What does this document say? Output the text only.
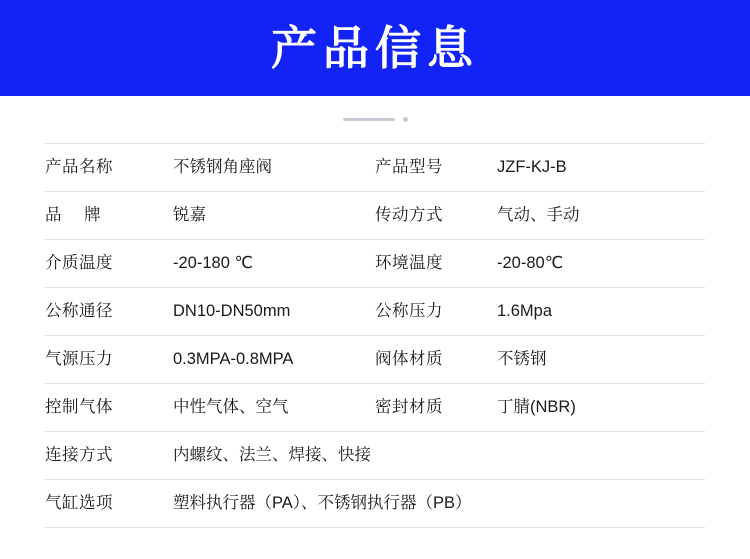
产品信息
产品名称	不锈钢角座阀	产品型号	JZF-KJ-B
品 牌	锐嘉	传动方式	气动、手动
介质温度	-20-180 ℃	环境温度	-20-80℃
公称通径	DN10-DN50mm	公称压力	1.6Mpa
气源压力	0.3MPA-0.8MPA	阀体材质	不锈钢
控制气体	中性气体、空气	密封材质	丁腈(NBR)
连接方式	内螺纹、法兰、焊接、快接		
气缸选项	塑料执行器（PA）、不锈钢执行器（PB）		
